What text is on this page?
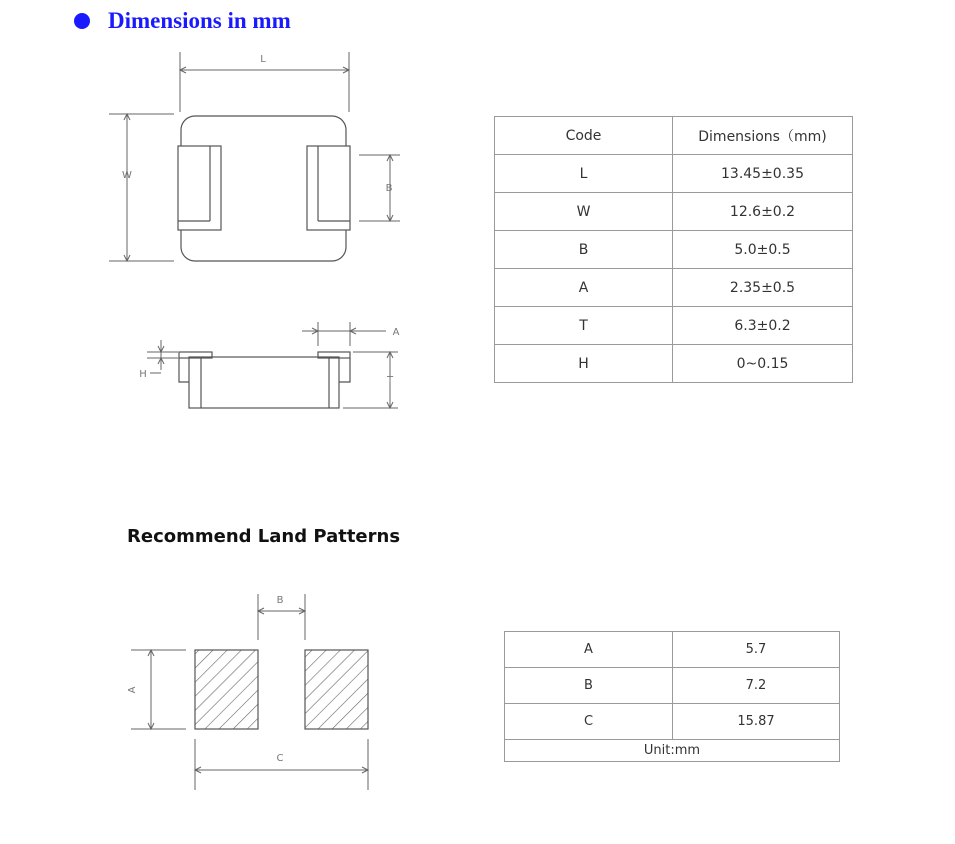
Dimensions in mm
L
W
B
A
H
T
B
A
C
Code	Dimensions（mm)
L	13.45±0.35
W	12.6±0.2
B	5.0±0.5
A	2.35±0.5
T	6.3±0.2
H	0~0.15
Recommend Land Patterns
A	5.7
B	7.2
C	15.87
Unit:mm	
